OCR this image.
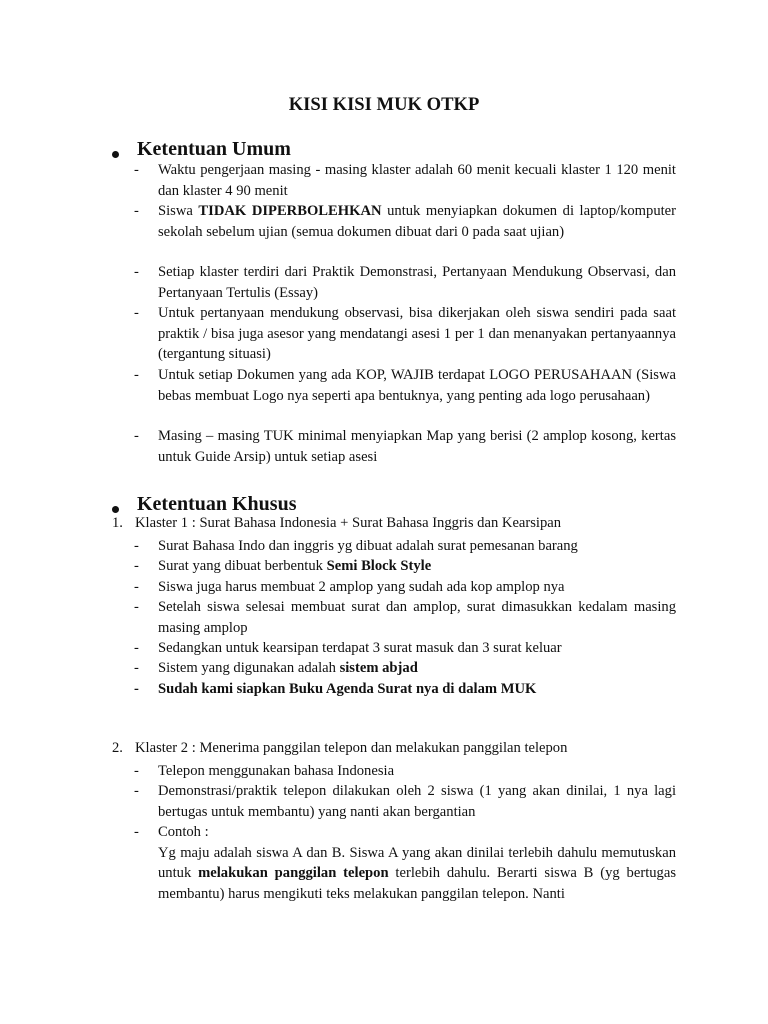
KISI KISI MUK OTKP
Ketentuan Umum
- Waktu pengerjaan masing - masing klaster adalah 60 menit kecuali klaster 1 120 menit dan klaster 4 90 menit
- Siswa TIDAK DIPERBOLEHKAN untuk menyiapkan dokumen di laptop/komputer sekolah sebelum ujian (semua dokumen dibuat dari 0 pada saat ujian)
- Setiap klaster terdiri dari Praktik Demonstrasi, Pertanyaan Mendukung Observasi, dan Pertanyaan Tertulis (Essay)
- Untuk pertanyaan mendukung observasi, bisa dikerjakan oleh siswa sendiri pada saat praktik / bisa juga asesor yang mendatangi asesi 1 per 1 dan menanyakan pertanyaannya (tergantung situasi)
- Untuk setiap Dokumen yang ada KOP, WAJIB terdapat LOGO PERUSAHAAN (Siswa bebas membuat Logo nya seperti apa bentuknya, yang penting ada logo perusahaan)
- Masing – masing TUK minimal menyiapkan Map yang berisi (2 amplop kosong, kertas untuk Guide Arsip) untuk setiap asesi
Ketentuan Khusus
1. Klaster 1 : Surat Bahasa Indonesia + Surat Bahasa Inggris dan Kearsipan
- Surat Bahasa Indo dan inggris yg dibuat adalah surat pemesanan barang
- Surat yang dibuat berbentuk Semi Block Style
- Siswa juga harus membuat 2 amplop yang sudah ada kop amplop nya
- Setelah siswa selesai membuat surat dan amplop, surat dimasukkan kedalam masing masing amplop
- Sedangkan untuk kearsipan terdapat 3 surat masuk dan 3 surat keluar
- Sistem yang digunakan adalah sistem abjad
- Sudah kami siapkan Buku Agenda Surat nya di dalam MUK
2. Klaster 2 : Menerima panggilan telepon dan melakukan panggilan telepon
- Telepon menggunakan bahasa Indonesia
- Demonstrasi/praktik telepon dilakukan oleh 2 siswa (1 yang akan dinilai, 1 nya lagi bertugas untuk membantu) yang nanti akan bergantian
- Contoh :
Yg maju adalah siswa A dan B. Siswa A yang akan dinilai terlebih dahulu memutuskan untuk melakukan panggilan telepon terlebih dahulu. Berarti siswa B (yg bertugas membantu) harus mengikuti teks melakukan panggilan telepon. Nanti
